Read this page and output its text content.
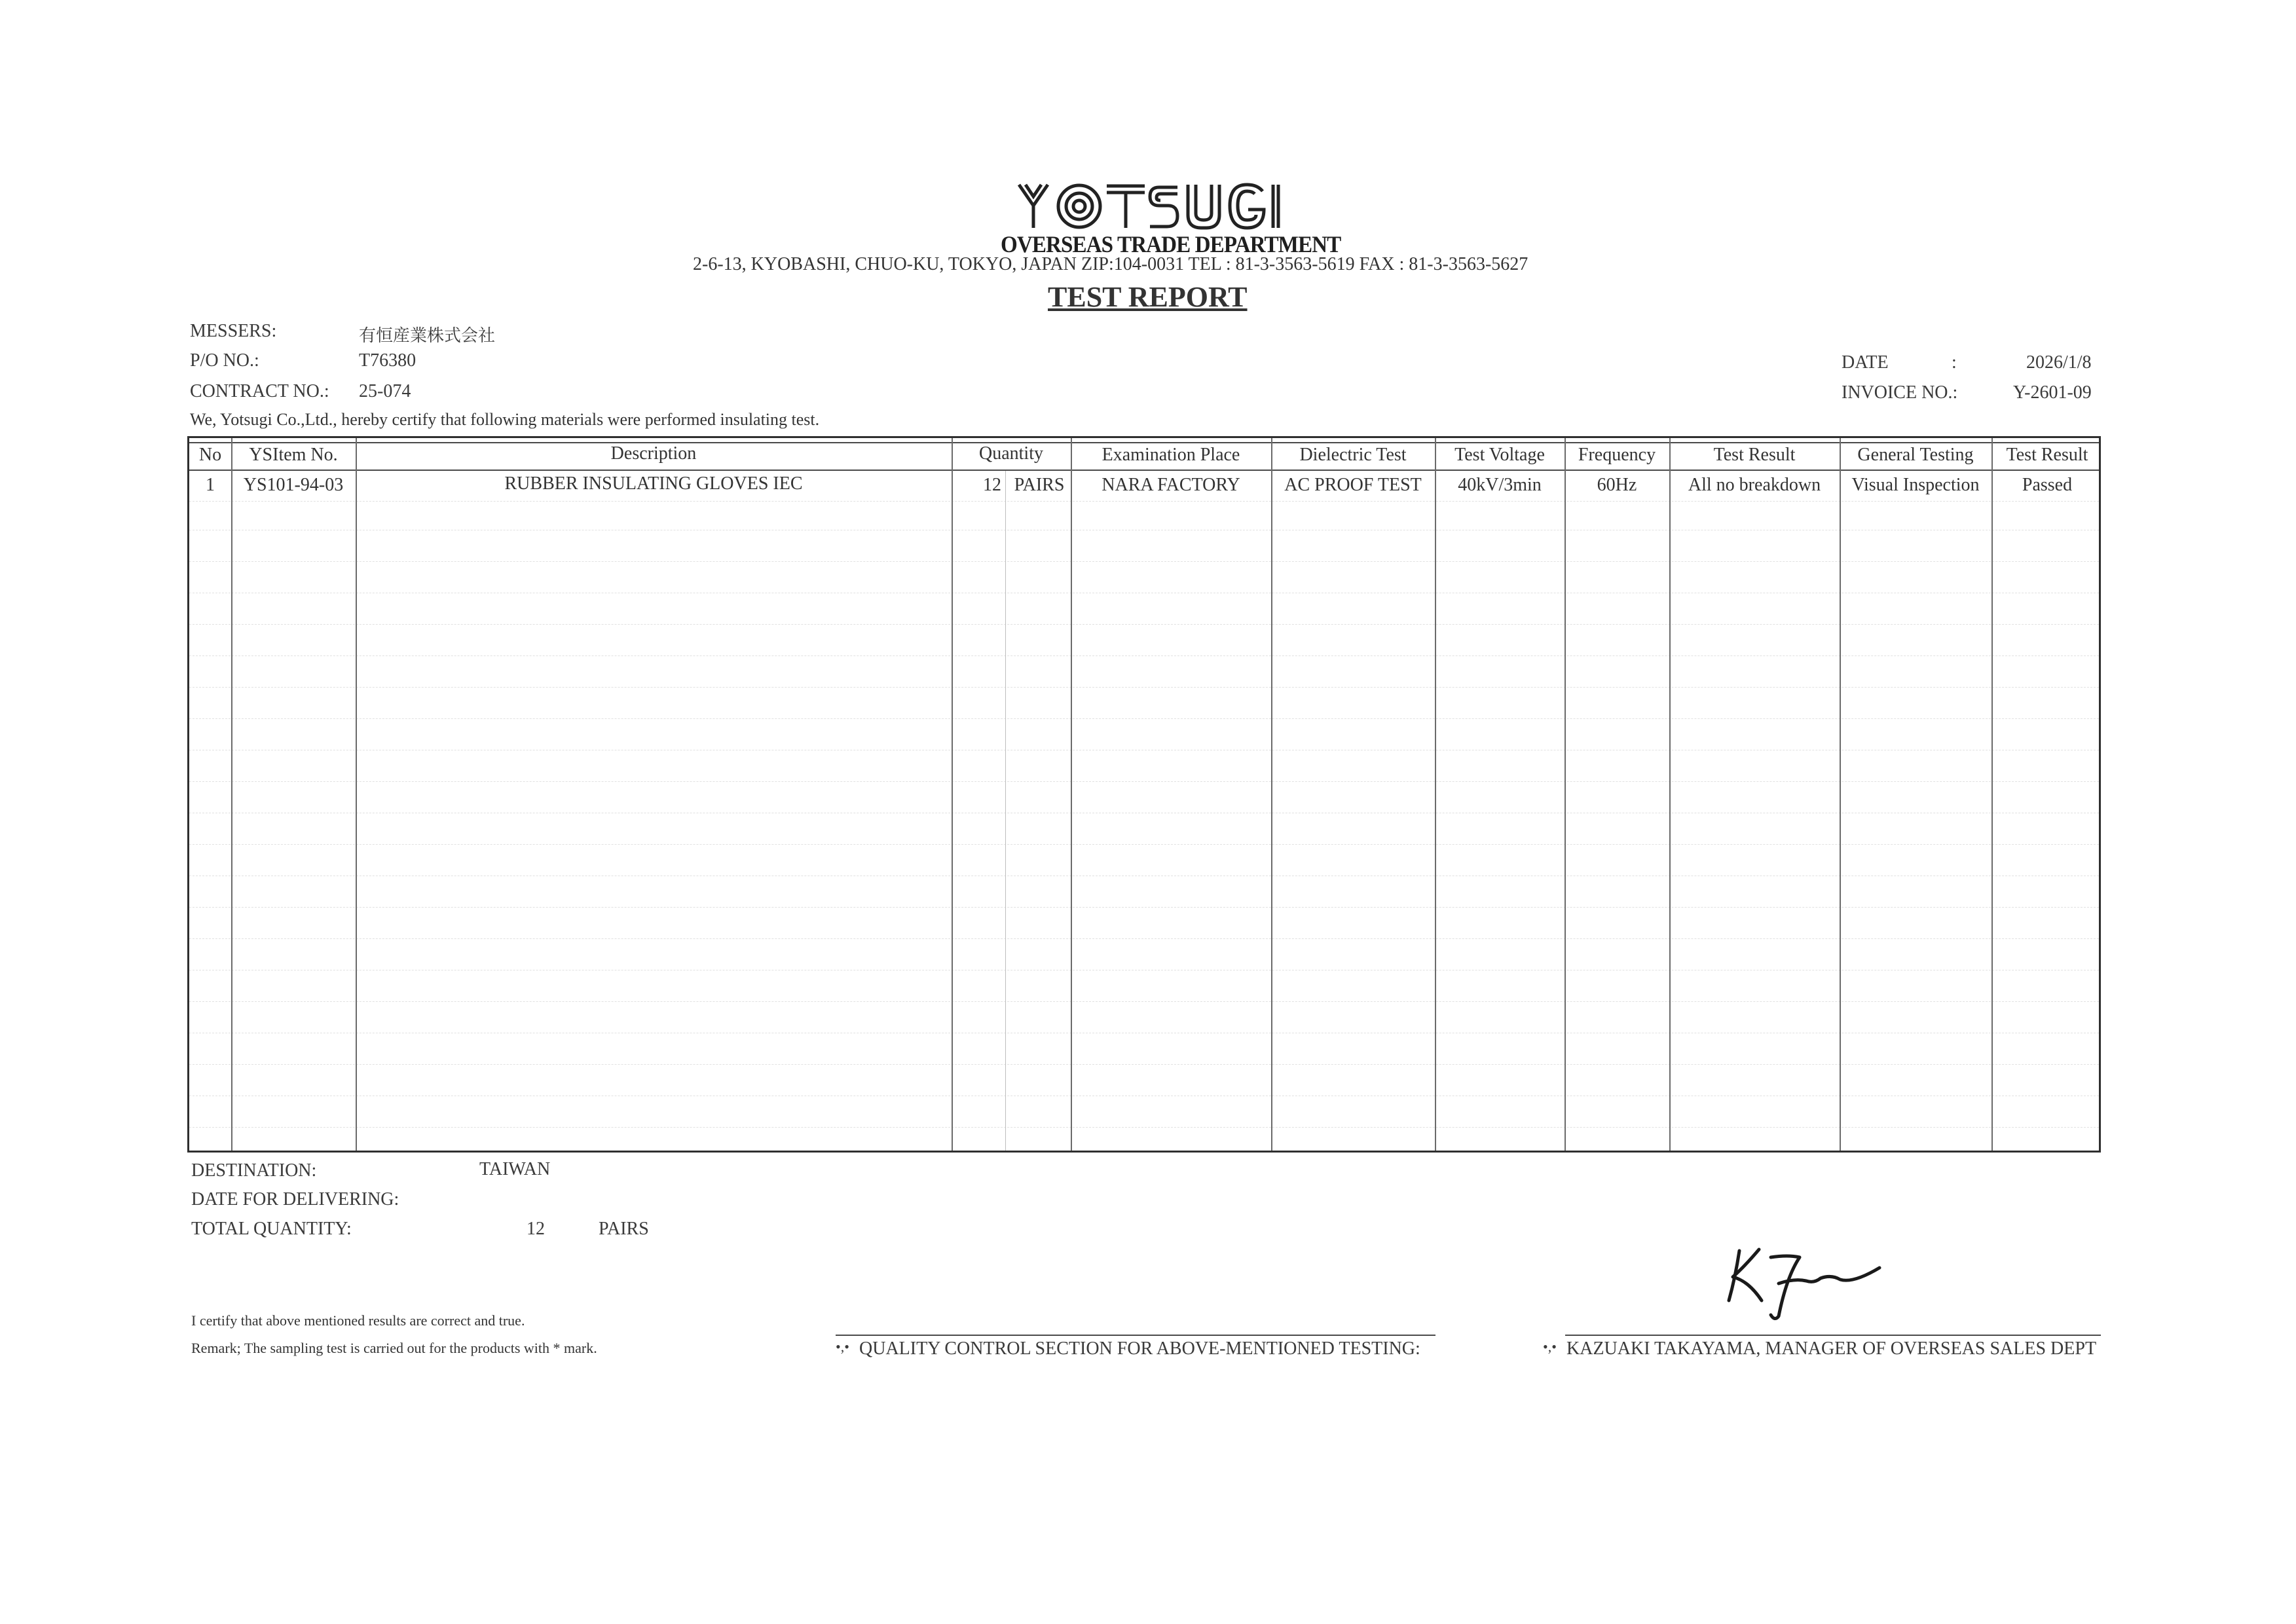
OVERSEAS TRADE DEPARTMENT
2-6-13, KYOBASHI, CHUO-KU, TOKYO, JAPAN ZIP:104-0031 TEL : 81-3-3563-5619 FAX : 81-3-3563-5627
TEST REPORT
MESSERS:	有恒産業株式会社
P/O NO.:	T76380
CONTRACT NO.: 25-074
DATE	:	2026/1/8
INVOICE NO.:	Y-2601-09
We, Yotsugi Co.,Ltd., hereby certify that following materials were performed insulating test.
No	YSItem No.	Description	Quantity	Examination Place	Dielectric Test	Test Voltage	Frequency	Test Result	General Testing	Test Result
1	YS101-94-03	RUBBER INSULATING GLOVES IEC	12 PAIRS	NARA FACTORY	AC PROOF TEST	40kV/3min	60Hz	All no breakdown	Visual Inspection	Passed
DESTINATION:	TAIWAN
DATE FOR DELIVERING:
TOTAL QUANTITY:	12	PAIRS
I certify that above mentioned results are correct and true.
Remark; The sampling test is carried out for the products with * mark.	•,• QUALITY CONTROL SECTION FOR ABOVE-MENTIONED TESTING:	•,• KAZUAKI TAKAYAMA, MANAGER OF OVERSEAS SALES DEPT
